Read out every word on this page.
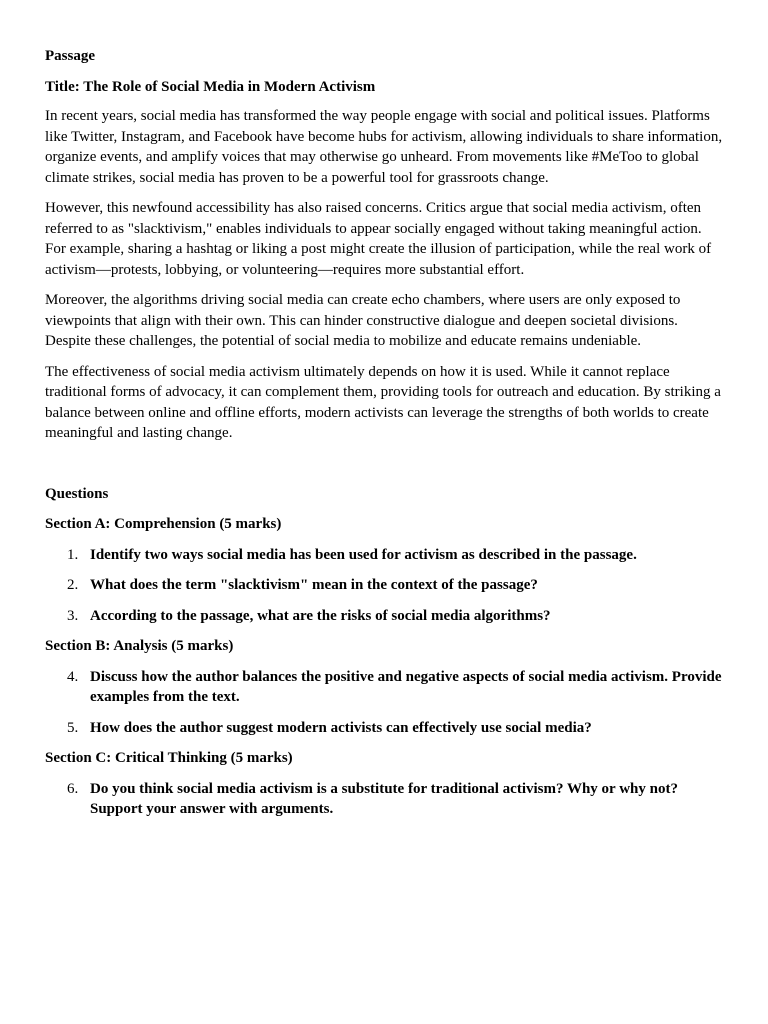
Passage

Title: The Role of Social Media in Modern Activism

In recent years, social media has transformed the way people engage with social and political issues. Platforms like Twitter, Instagram, and Facebook have become hubs for activism, allowing individuals to share information, organize events, and amplify voices that may otherwise go unheard. From movements like #MeToo to global climate strikes, social media has proven to be a powerful tool for grassroots change.

However, this newfound accessibility has also raised concerns. Critics argue that social media activism, often referred to as "slacktivism," enables individuals to appear socially engaged without taking meaningful action. For example, sharing a hashtag or liking a post might create the illusion of participation, while the real work of activism—protests, lobbying, or volunteering—requires more substantial effort.

Moreover, the algorithms driving social media can create echo chambers, where users are only exposed to viewpoints that align with their own. This can hinder constructive dialogue and deepen societal divisions. Despite these challenges, the potential of social media to mobilize and educate remains undeniable.

The effectiveness of social media activism ultimately depends on how it is used. While it cannot replace traditional forms of advocacy, it can complement them, providing tools for outreach and education. By striking a balance between online and offline efforts, modern activists can leverage the strengths of both worlds to create meaningful and lasting change.

Questions

Section A: Comprehension (5 marks)

1. Identify two ways social media has been used for activism as described in the passage.
2. What does the term "slacktivism" mean in the context of the passage?
3. According to the passage, what are the risks of social media algorithms?

Section B: Analysis (5 marks)

4. Discuss how the author balances the positive and negative aspects of social media activism. Provide examples from the text.
5. How does the author suggest modern activists can effectively use social media?

Section C: Critical Thinking (5 marks)

6. Do you think social media activism is a substitute for traditional activism? Why or why not? Support your answer with arguments.
